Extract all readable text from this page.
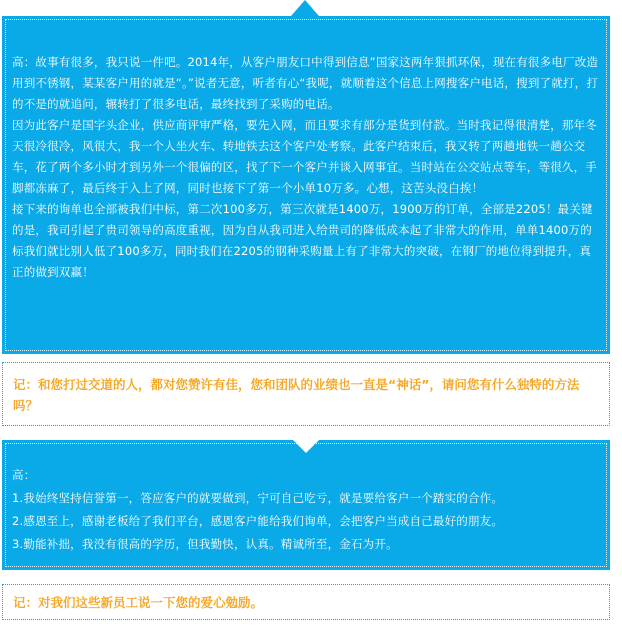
高：故事有很多，我只说一件吧。2014年，从客户朋友口中得到信息”国家这两年狠抓环保，现在有很多电厂改造用到不锈钢，某某客户用的就是“。”说者无意，听者有心“我呢，就顺着这个信息上网搜客户电话，搜到了就打，打的不是的就追问，辗转打了很多电话，最终找到了采购的电话。

因为此客户是国字头企业，供应商评审严格，要先入网，而且要求有部分是货到付款。当时我记得很清楚，那年冬天很冷很冷，风很大，我一个人坐火车、转地铁去这个客户处考察。此客户结束后，我又转了两趟地铁一趟公交车，花了两个多小时才到另外一个很偏的区，找了下一个客户并谈入网事宜。当时站在公交站点等车，等很久，手脚都冻麻了，最后终于入上了网，同时也接下了第一个小单10万多。心想，这苦头没白挨！

接下来的询单也全部被我们中标，第二次100多万，第三次就是1400万，1900万的订单，全部是2205！最关键的是，我司引起了贵司领导的高度重视，因为自从我司进入给贵司的降低成本起了非常大的作用，单单1400万的标我们就比别人低了100多万，同时我们在2205的钢种采购量上有了非常大的突破，在钢厂的地位得到提升，真正的做到双赢！

记：和您打过交道的人，都对您赞许有佳，您和团队的业绩也一直是“神话”，请问您有什么独特的方法吗？

高：

1.我始终坚持信誉第一，答应客户的就要做到，宁可自己吃亏，就是要给客户一个踏实的合作。

2.感恩至上，感谢老板给了我们平台，感恩客户能给我们询单，会把客户当成自己最好的朋友。

3.勤能补拙，我没有很高的学历，但我勤快，认真。精诚所至，金石为开。

记：对我们这些新员工说一下您的爱心勉励。
